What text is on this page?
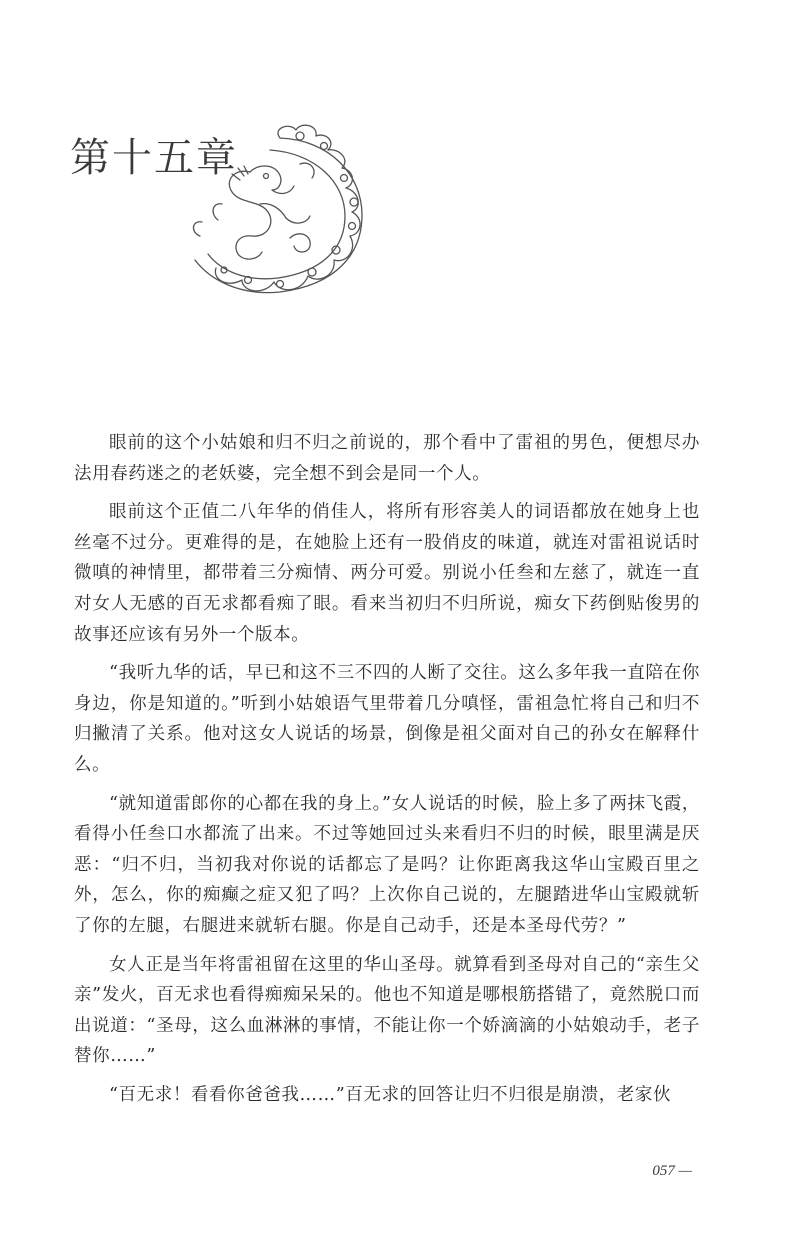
第十五章

眼前的这个小姑娘和归不归之前说的，那个看中了雷祖的男色，便想尽办法用春药迷之的老妖婆，完全想不到会是同一个人。

眼前这个正值二八年华的俏佳人，将所有形容美人的词语都放在她身上也丝毫不过分。更难得的是，在她脸上还有一股俏皮的味道，就连对雷祖说话时微嗔的神情里，都带着三分痴情、两分可爱。别说小任叁和左慈了，就连一直对女人无感的百无求都看痴了眼。看来当初归不归所说，痴女下药倒贴俊男的故事还应该有另外一个版本。

“我听九华的话，早已和这不三不四的人断了交往。这么多年我一直陪在你身边，你是知道的。”听到小姑娘语气里带着几分嗔怪，雷祖急忙将自己和归不归撇清了关系。他对这女人说话的场景，倒像是祖父面对自己的孙女在解释什么。

“就知道雷郎你的心都在我的身上。”女人说话的时候，脸上多了两抹飞霞，看得小任叁口水都流了出来。不过等她回过头来看归不归的时候，眼里满是厌恶：“归不归，当初我对你说的话都忘了是吗？让你距离我这华山宝殿百里之外，怎么，你的痴癫之症又犯了吗？上次你自己说的，左腿踏进华山宝殿就斩了你的左腿，右腿进来就斩右腿。你是自己动手，还是本圣母代劳？”

女人正是当年将雷祖留在这里的华山圣母。就算看到圣母对自己的“亲生父亲”发火，百无求也看得痴痴呆呆的。他也不知道是哪根筋搭错了，竟然脱口而出说道：“圣母，这么血淋淋的事情，不能让你一个娇滴滴的小姑娘动手，老子替你……”

“百无求！看看你爸爸我……”百无求的回答让归不归很是崩溃，老家伙

057 —
